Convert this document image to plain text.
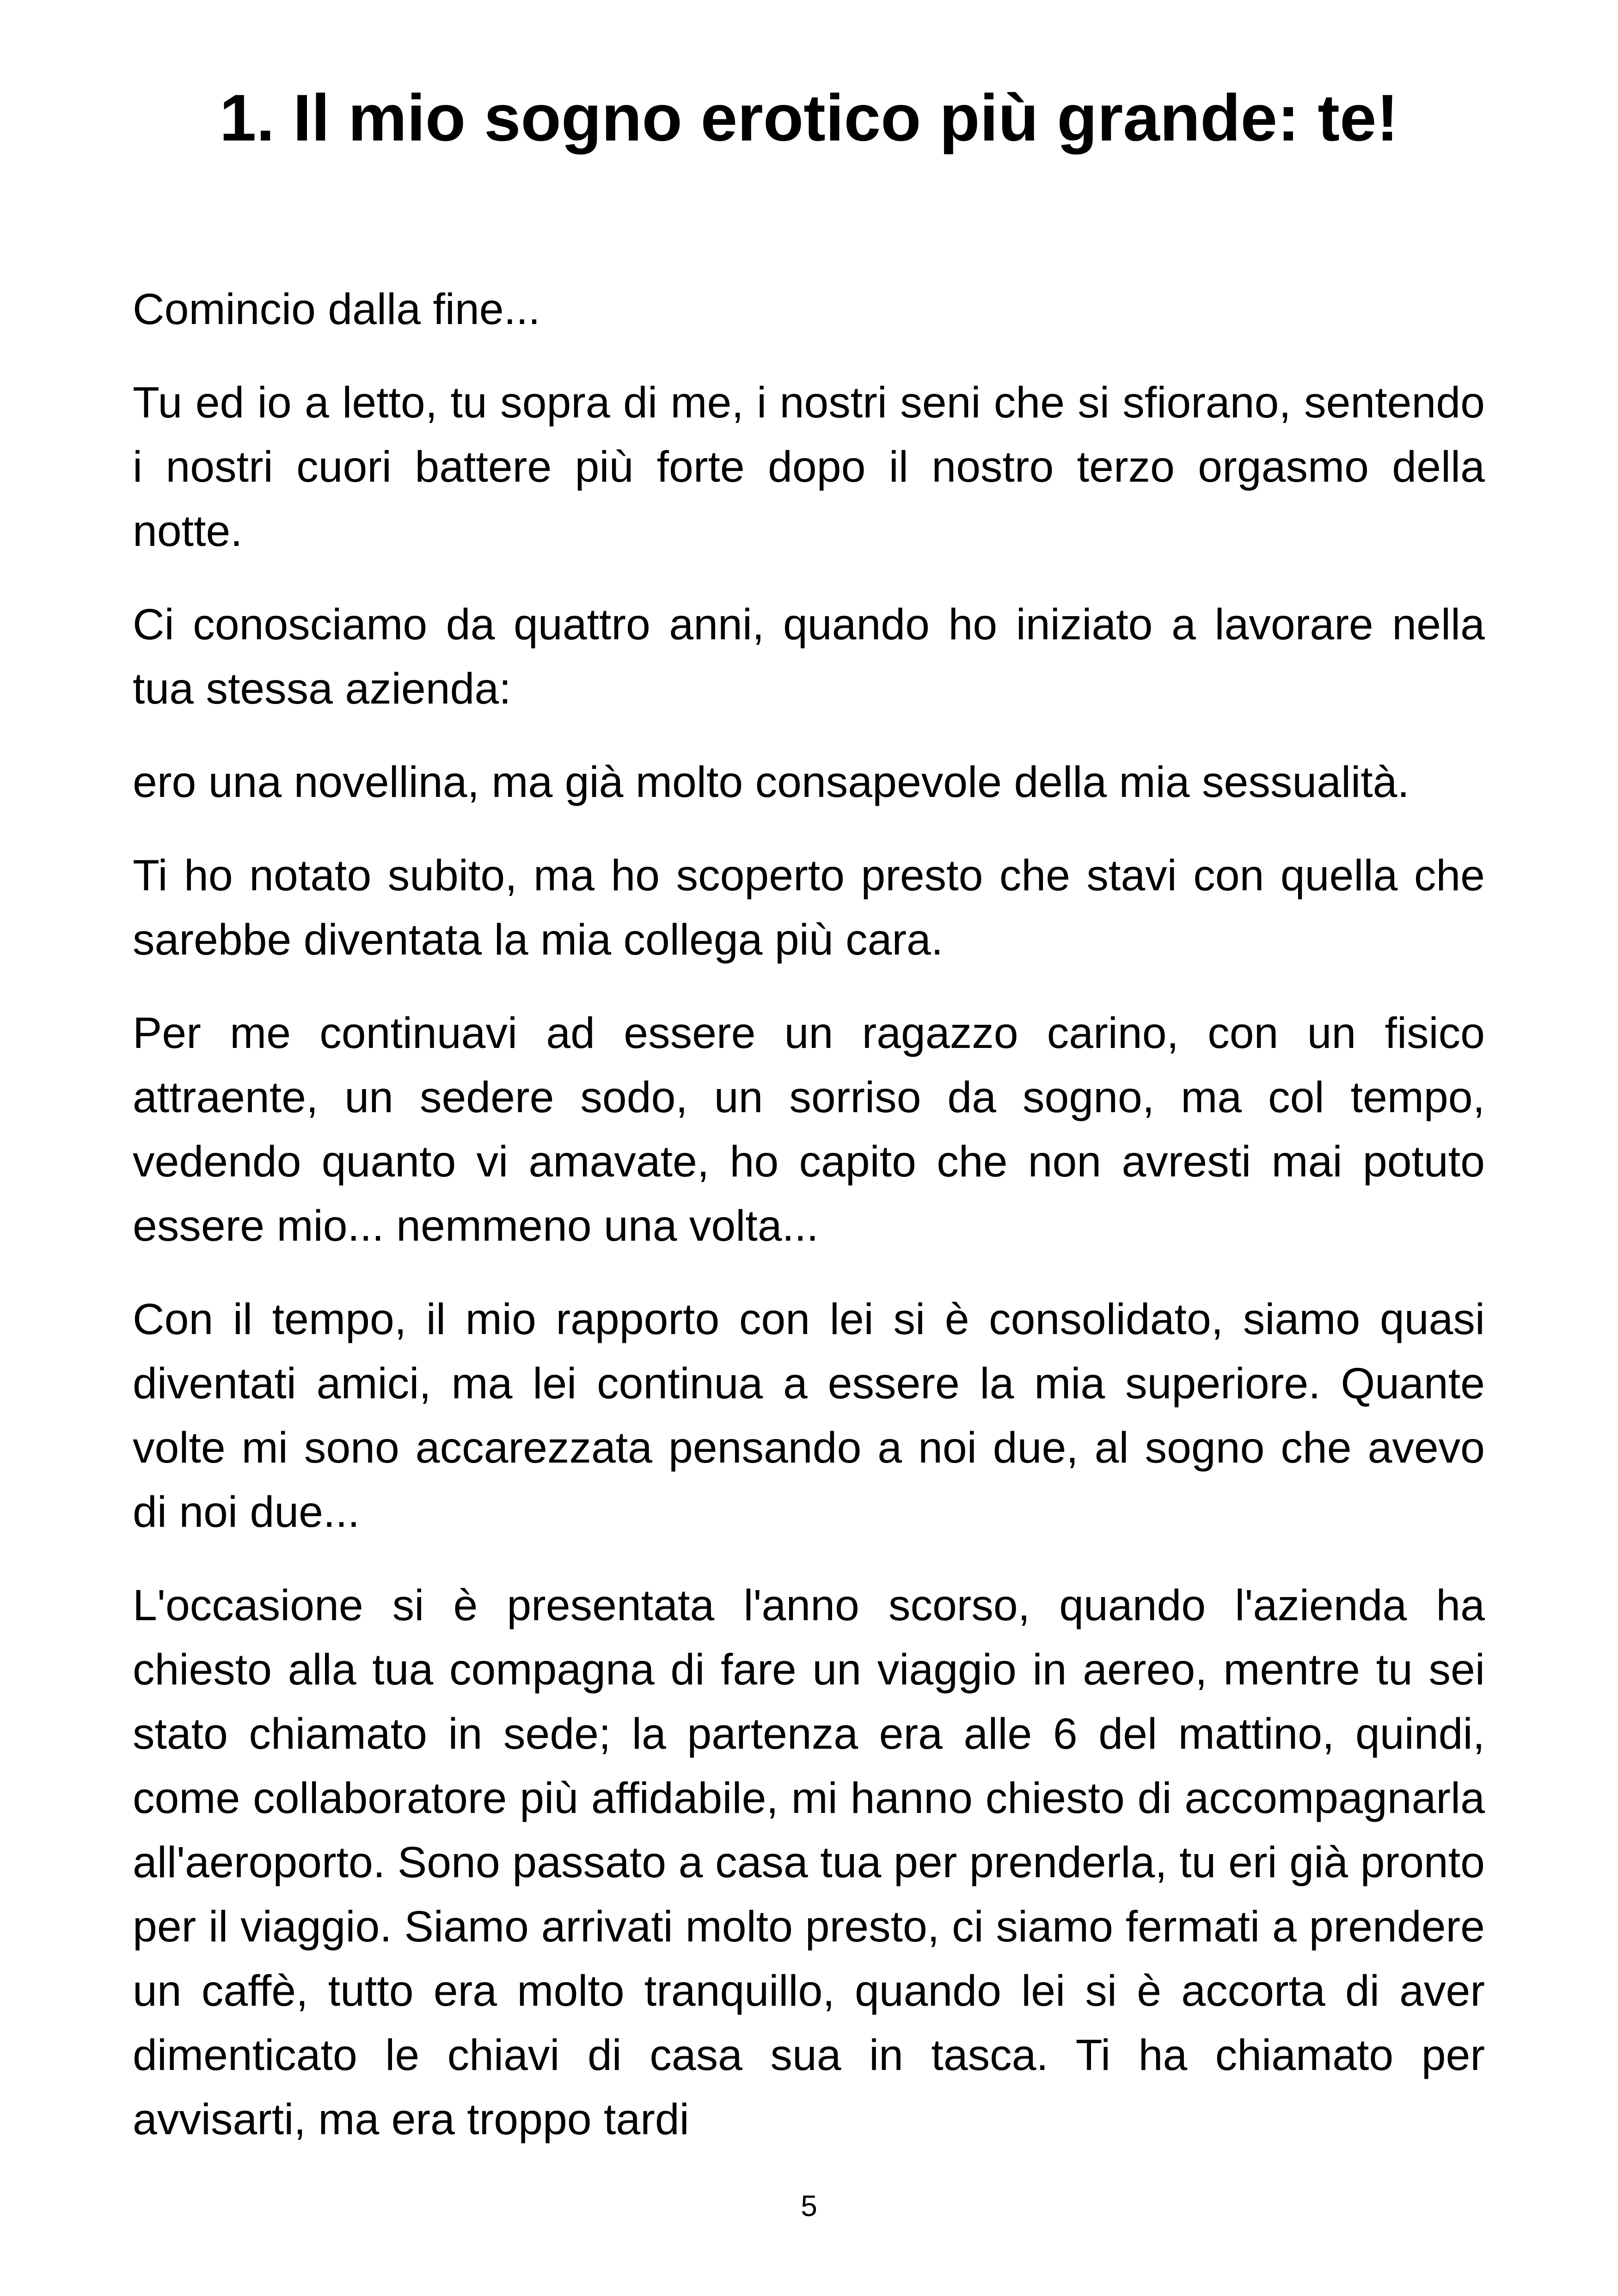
1. Il mio sogno erotico più grande: te!

Comincio dalla fine...

Tu ed io a letto, tu sopra di me, i nostri seni che si sfiorano, sentendo i nostri cuori battere più forte dopo il nostro terzo orgasmo della notte.

Ci conosciamo da quattro anni, quando ho iniziato a lavorare nella tua stessa azienda:

ero una novellina, ma già molto consapevole della mia sessualità.

Ti ho notato subito, ma ho scoperto presto che stavi con quella che sarebbe diventata la mia collega più cara.

Per me continuavi ad essere un ragazzo carino, con un fisico attraente, un sedere sodo, un sorriso da sogno, ma col tempo, vedendo quanto vi amavate, ho capito che non avresti mai potuto essere mio... nemmeno una volta...

Con il tempo, il mio rapporto con lei si è consolidato, siamo quasi diventati amici, ma lei continua a essere la mia superiore. Quante volte mi sono accarezzata pensando a noi due, al sogno che avevo di noi due...

L'occasione si è presentata l'anno scorso, quando l'azienda ha chiesto alla tua compagna di fare un viaggio in aereo, mentre tu sei stato chiamato in sede; la partenza era alle 6 del mattino, quindi, come collaboratore più affidabile, mi hanno chiesto di accompagnarla all'aeroporto. Sono passato a casa tua per prenderla, tu eri già pronto per il viaggio. Siamo arrivati molto presto, ci siamo fermati a prendere un caffè, tutto era molto tranquillo, quando lei si è accorta di aver dimenticato le chiavi di casa sua in tasca. Ti ha chiamato per avvisarti, ma era troppo tardi

5
